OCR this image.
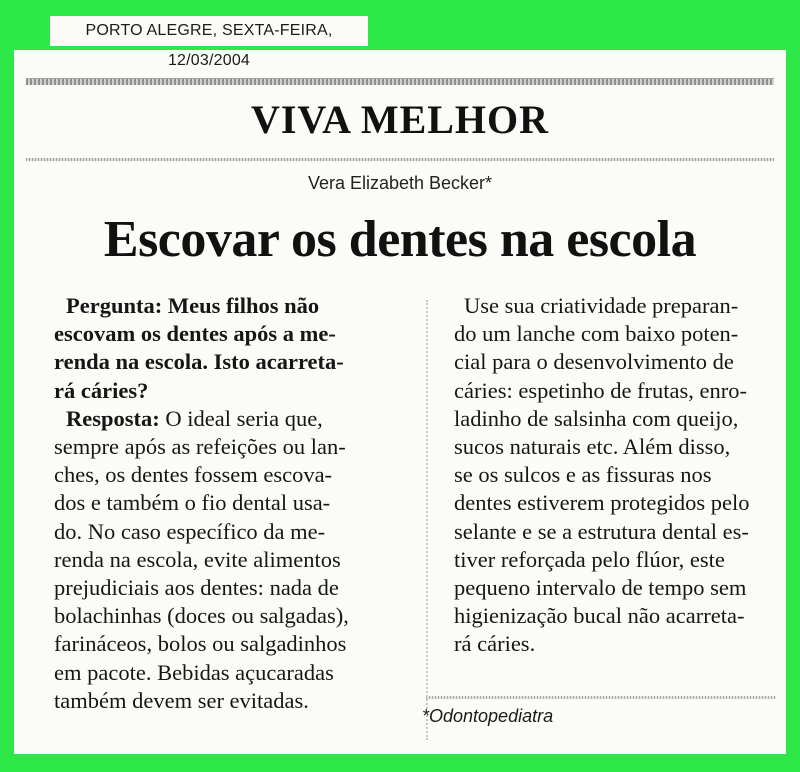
VIVA MELHOR
Vera Elizabeth Becker*
Escovar os dentes na escola

Pergunta: Meus filhos não

escovam os dentes após a me-

renda na escola. Isto acarreta-

rá cáries?

Resposta: O ideal seria que,

sempre após as refeições ou lan-

ches, os dentes fossem escova-

dos e também o fio dental usa-

do. No caso específico da me-

renda na escola, evite alimentos

prejudiciais aos dentes: nada de

bolachinhas (doces ou salgadas),

farináceos, bolos ou salgadinhos

em pacote. Bebidas açucaradas

também devem ser evitadas.

Use sua criatividade preparan-

do um lanche com baixo poten-

cial para o desenvolvimento de

cáries: espetinho de frutas, enro-

ladinho de salsinha com queijo,

sucos naturais etc. Além disso,

se os sulcos e as fissuras nos

dentes estiverem protegidos pelo

selante e se a estrutura dental es-

tiver reforçada pelo flúor, este

pequeno intervalo de tempo sem

higienização bucal não acarreta-

rá cáries.

*Odontopediatra
PORTO ALEGRE, SEXTA-FEIRA, 12/03/2004
